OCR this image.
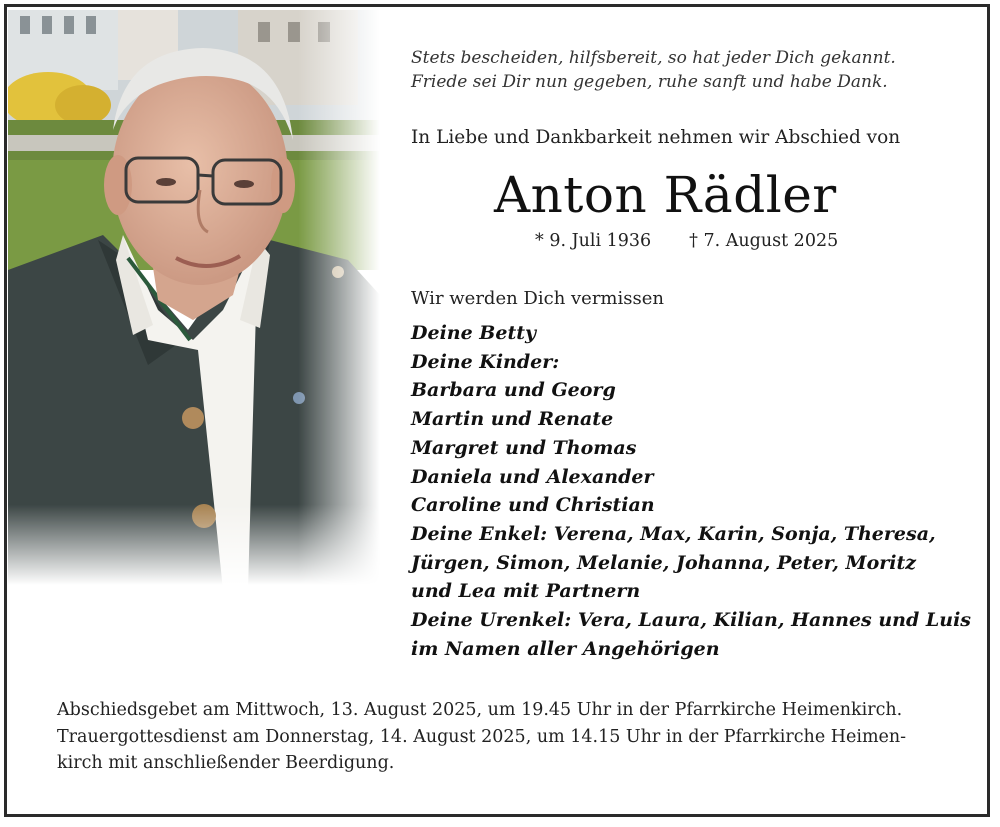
Stets bescheiden, hilfsbereit, so hat jeder Dich gekannt.
Friede sei Dir nun gegeben, ruhe sanft und habe Dank.
In Liebe und Dankbarkeit nehmen wir Abschied von
Anton Rädler
* 9. Juli 1936 † 7. August 2025
Wir werden Dich vermissen
Deine Betty
Deine Kinder:
Barbara und Georg
Martin und Renate
Margret und Thomas
Daniela und Alexander
Caroline und Christian
Deine Enkel: Verena, Max, Karin, Sonja, Theresa,
Jürgen, Simon, Melanie, Johanna, Peter, Moritz
und Lea mit Partnern
Deine Urenkel: Vera, Laura, Kilian, Hannes und Luis
im Namen aller Angehörigen
Abschiedsgebet am Mittwoch, 13. August 2025, um 19.45 Uhr in der Pfarrkirche Heimenkirch.
Trauergottesdienst am Donnerstag, 14. August 2025, um 14.15 Uhr in der Pfarrkirche Heimen-
kirch mit anschließender Beerdigung.
